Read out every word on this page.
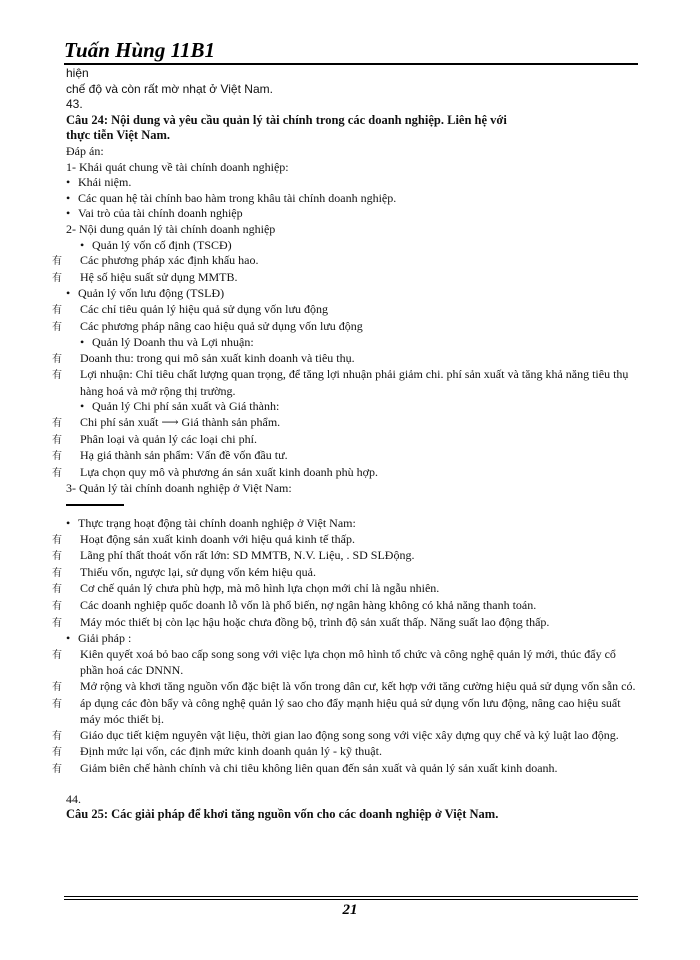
Tuấn Hùng 11B1
hiện
chế độ và còn rất mờ nhạt ở Việt Nam.
43.
Câu 24: Nội dung và yêu cầu quản lý tài chính trong các doanh nghiệp. Liên hệ với
thực tiễn Việt Nam.
Đáp án:
1- Khái quát chung về tài chính doanh nghiệp:
• Khái niệm.
• Các quan hệ tài chính bao hàm trong khâu tài chính doanh nghiệp.
• Vai trò của tài chính doanh nghiệp
2- Nội dung quản lý tài chính doanh nghiệp
• Quản lý vốn cố định (TSCĐ)
有 Các phương pháp xác định khấu hao.
有 Hệ số hiệu suất sử dụng MMTB.
• Quản lý vốn lưu động (TSLĐ)
有 Các chỉ tiêu quản lý hiệu quả sử dụng vốn lưu động
有 Các phương pháp nâng cao hiệu quả sử dụng vốn lưu động
• Quản lý Doanh thu và Lợi nhuận:
有 Doanh thu: trong qui mô sản xuất kinh doanh và tiêu thụ.
有 Lợi nhuận: Chỉ tiêu chất lượng quan trọng, để tăng lợi nhuận phải giảm chi. phí sản xuất và tăng khả năng tiêu thụ hàng hoá và mở rộng thị trường.
• Quản lý Chi phí sản xuất và Giá thành:
有 Chi phí sản xuất ⟶ Giá thành sản phẩm.
有 Phân loại và quản lý các loại chi phí.
有 Hạ giá thành sản phẩm: Vấn đề vốn đầu tư.
有 Lựa chọn quy mô và phương án sản xuất kinh doanh phù hợp.
3- Quản lý tài chính doanh nghiệp ở Việt Nam:
• Thực trạng hoạt động tài chính doanh nghiệp ở Việt Nam:
有 Hoạt động sản xuất kinh doanh với hiệu quả kinh tế thấp.
有 Lãng phí thất thoát vốn rất lớn: SD MMTB, N.V. Liệu, . SD SLĐộng.
有 Thiếu vốn, ngược lại, sử dụng vốn kém hiệu quả.
有 Cơ chế quản lý chưa phù hợp, mà mô hình lựa chọn mới chỉ là ngẫu nhiên.
有 Các doanh nghiệp quốc doanh lỗ vốn là phổ biến, nợ ngân hàng không có khả năng thanh toán.
有 Máy móc thiết bị còn lạc hậu hoặc chưa đồng bộ, trình độ sản xuất thấp. Năng suất lao động thấp.
• Giải pháp :
有 Kiên quyết xoá bỏ bao cấp song song với việc lựa chọn mô hình tổ chức và công nghệ quản lý mới, thúc đẩy cổ phần hoá các DNNN.
有 Mở rộng và khơi tăng nguồn vốn đặc biệt là vốn trong dân cư, kết hợp với tăng cường hiệu quả sử dụng vốn sẵn có.
有 áp dụng các đòn bẩy và công nghệ quản lý sao cho đẩy mạnh hiệu quả sử dụng vốn lưu động, nâng cao hiệu suất máy móc thiết bị.
有 Giáo dục tiết kiệm nguyên vật liệu, thời gian lao động song song với việc xây dựng quy chế và kỷ luật lao động.
有 Định mức lại vốn, các định mức kinh doanh quản lý - kỹ thuật.
有 Giảm biên chế hành chính và chi tiêu không liên quan đến sản xuất và quản lý sản xuất kinh doanh.
44.
Câu 25: Các giải pháp để khơi tăng nguồn vốn cho các doanh nghiệp ở Việt Nam.
21
